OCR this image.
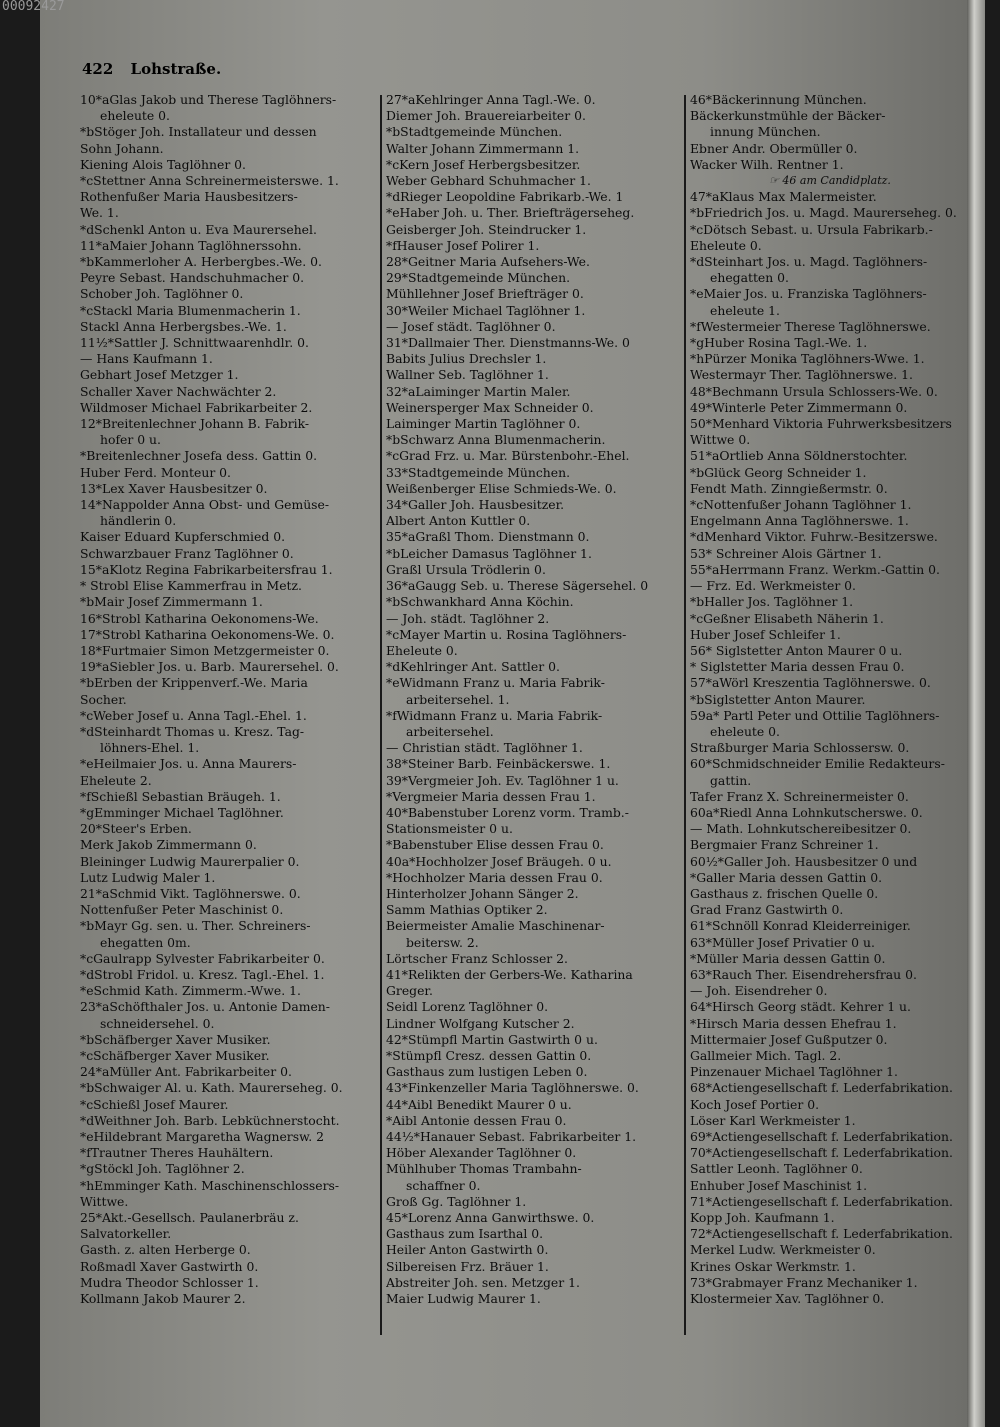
422 Lohstraße.
10*aGlas Jakob und Therese Taglöhners-
eheleute 0.
*bStöger Joh. Installateur und dessen
Sohn Johann.
Kiening Alois Taglöhner 0.
*cStettner Anna Schreinermeisterswe. 1.
Rothenfußer Maria Hausbesitzers-
We. 1.
*dSchenkl Anton u. Eva Maurersehel.
11*aMaier Johann Taglöhnerssohn.
*bKammerloher A. Herbergbes.-We. 0.
Peyre Sebast. Handschuhmacher 0.
Schober Joh. Taglöhner 0.
*cStackl Maria Blumenmacherin 1.
Stackl Anna Herbergsbes.-We. 1.
11½*Sattler J. Schnittwaarenhdlr. 0.
— Hans Kaufmann 1.
Gebhart Josef Metzger 1.
Schaller Xaver Nachwächter 2.
Wildmoser Michael Fabrikarbeiter 2.
12*Breitenlechner Johann B. Fabrik-
hofer 0 u.
*Breitenlechner Josefa dess. Gattin 0.
Huber Ferd. Monteur 0.
13*Lex Xaver Hausbesitzer 0.
14*Nappolder Anna Obst- und Gemüse-
händlerin 0.
Kaiser Eduard Kupferschmied 0.
Schwarzbauer Franz Taglöhner 0.
15*aKlotz Regina Fabrikarbeitersfrau 1.
* Strobl Elise Kammerfrau in Metz.
*bMair Josef Zimmermann 1.
16*Strobl Katharina Oekonomens-We.
17*Strobl Katharina Oekonomens-We. 0.
18*Furtmaier Simon Metzgermeister 0.
19*aSiebler Jos. u. Barb. Maurersehel. 0.
*bErben der Krippenverf.-We. Maria
Socher.
*cWeber Josef u. Anna Tagl.-Ehel. 1.
*dSteinhardt Thomas u. Kresz. Tag-
löhners-Ehel. 1.
*eHeilmaier Jos. u. Anna Maurers-
Eheleute 2.
*fSchießl Sebastian Bräugeh. 1.
*gEmminger Michael Taglöhner.
20*Steer's Erben.
Merk Jakob Zimmermann 0.
Bleininger Ludwig Maurerpalier 0.
Lutz Ludwig Maler 1.
21*aSchmid Vikt. Taglöhnerswe. 0.
Nottenfußer Peter Maschinist 0.
*bMayr Gg. sen. u. Ther. Schreiners-
ehegatten 0m.
*cGaulrapp Sylvester Fabrikarbeiter 0.
*dStrobl Fridol. u. Kresz. Tagl.-Ehel. 1.
*eSchmid Kath. Zimmerm.-Wwe. 1.
23*aSchöfthaler Jos. u. Antonie Damen-
schneidersehel. 0.
*bSchäfberger Xaver Musiker.
*cSchäfberger Xaver Musiker.
24*aMüller Ant. Fabrikarbeiter 0.
*bSchwaiger Al. u. Kath. Maurerseheg. 0.
*cSchießl Josef Maurer.
*dWeithner Joh. Barb. Lebküchnerstocht.
*eHildebrant Margaretha Wagnersw. 2
*fTrautner Theres Hauhältern.
*gStöckl Joh. Taglöhner 2.
*hEmminger Kath. Maschinenschlossers-
Wittwe.
25*Akt.-Gesellsch. Paulanerbräu z.
Salvatorkeller.
Gasth. z. alten Herberge 0.
Roßmadl Xaver Gastwirth 0.
Mudra Theodor Schlosser 1.
Kollmann Jakob Maurer 2.
27*aKehlringer Anna Tagl.-We. 0.
Diemer Joh. Brauereiarbeiter 0.
*bStadtgemeinde München.
Walter Johann Zimmermann 1.
*cKern Josef Herbergsbesitzer.
Weber Gebhard Schuhmacher 1.
*dRieger Leopoldine Fabrikarb.-We. 1
*eHaber Joh. u. Ther. Briefträgerseheg.
Geisberger Joh. Steindrucker 1.
*fHauser Josef Polirer 1.
28*Geitner Maria Aufsehers-We.
29*Stadtgemeinde München.
Mühllehner Josef Briefträger 0.
30*Weiler Michael Taglöhner 1.
— Josef städt. Taglöhner 0.
31*Dallmaier Ther. Dienstmanns-We. 0
Babits Julius Drechsler 1.
Wallner Seb. Taglöhner 1.
32*aLaiminger Martin Maler.
Weinersperger Max Schneider 0.
Laiminger Martin Taglöhner 0.
*bSchwarz Anna Blumenmacherin.
*cGrad Frz. u. Mar. Bürstenbohr.-Ehel.
33*Stadtgemeinde München.
Weißenberger Elise Schmieds-We. 0.
34*Galler Joh. Hausbesitzer.
Albert Anton Kuttler 0.
35*aGraßl Thom. Dienstmann 0.
*bLeicher Damasus Taglöhner 1.
Graßl Ursula Trödlerin 0.
36*aGaugg Seb. u. Therese Sägersehel. 0
*bSchwankhard Anna Köchin.
— Joh. städt. Taglöhner 2.
*cMayer Martin u. Rosina Taglöhners-
Eheleute 0.
*dKehlringer Ant. Sattler 0.
*eWidmann Franz u. Maria Fabrik-
arbeitersehel. 1.
*fWidmann Franz u. Maria Fabrik-
arbeitersehel.
— Christian städt. Taglöhner 1.
38*Steiner Barb. Feinbäckerswe. 1.
39*Vergmeier Joh. Ev. Taglöhner 1 u.
*Vergmeier Maria dessen Frau 1.
40*Babenstuber Lorenz vorm. Tramb.-
Stationsmeister 0 u.
*Babenstuber Elise dessen Frau 0.
40a*Hochholzer Josef Bräugeh. 0 u.
*Hochholzer Maria dessen Frau 0.
Hinterholzer Johann Sänger 2.
Samm Mathias Optiker 2.
Beiermeister Amalie Maschinenar-
beitersw. 2.
Lörtscher Franz Schlosser 2.
41*Relikten der Gerbers-We. Katharina
Greger.
Seidl Lorenz Taglöhner 0.
Lindner Wolfgang Kutscher 2.
42*Stümpfl Martin Gastwirth 0 u.
*Stümpfl Cresz. dessen Gattin 0.
Gasthaus zum lustigen Leben 0.
43*Finkenzeller Maria Taglöhnerswe. 0.
44*Aibl Benedikt Maurer 0 u.
*Aibl Antonie dessen Frau 0.
44½*Hanauer Sebast. Fabrikarbeiter 1.
Höber Alexander Taglöhner 0.
Mühlhuber Thomas Trambahn-
schaffner 0.
Groß Gg. Taglöhner 1.
45*Lorenz Anna Ganwirthswe. 0.
Gasthaus zum Isarthal 0.
Heiler Anton Gastwirth 0.
Silbereisen Frz. Bräuer 1.
Abstreiter Joh. sen. Metzger 1.
Maier Ludwig Maurer 1.
46*Bäckerinnung München.
Bäckerkunstmühle der Bäcker-
innung München.
Ebner Andr. Obermüller 0.
Wacker Wilh. Rentner 1.
☞ 46 am Candidplatz.
47*aKlaus Max Malermeister.
*bFriedrich Jos. u. Magd. Maurerseheg. 0.
*cDötsch Sebast. u. Ursula Fabrikarb.-
Eheleute 0.
*dSteinhart Jos. u. Magd. Taglöhners-
ehegatten 0.
*eMaier Jos. u. Franziska Taglöhners-
eheleute 1.
*fWestermeier Therese Taglöhnerswe.
*gHuber Rosina Tagl.-We. 1.
*hPürzer Monika Taglöhners-Wwe. 1.
Westermayr Ther. Taglöhnerswe. 1.
48*Bechmann Ursula Schlossers-We. 0.
49*Winterle Peter Zimmermann 0.
50*Menhard Viktoria Fuhrwerksbesitzers
Wittwe 0.
51*aOrtlieb Anna Söldnerstochter.
*bGlück Georg Schneider 1.
Fendt Math. Zinngießermstr. 0.
*cNottenfußer Johann Taglöhner 1.
Engelmann Anna Taglöhnerswe. 1.
*dMenhard Viktor. Fuhrw.-Besitzerswe.
53* Schreiner Alois Gärtner 1.
55*aHerrmann Franz. Werkm.-Gattin 0.
— Frz. Ed. Werkmeister 0.
*bHaller Jos. Taglöhner 1.
*cGeßner Elisabeth Näherin 1.
Huber Josef Schleifer 1.
56* Siglstetter Anton Maurer 0 u.
* Siglstetter Maria dessen Frau 0.
57*aWörl Kreszentia Taglöhnerswe. 0.
*bSiglstetter Anton Maurer.
59a* Partl Peter und Ottilie Taglöhners-
eheleute 0.
Straßburger Maria Schlossersw. 0.
60*Schmidschneider Emilie Redakteurs-
gattin.
Tafer Franz X. Schreinermeister 0.
60a*Riedl Anna Lohnkutscherswe. 0.
— Math. Lohnkutschereibesitzer 0.
Bergmaier Franz Schreiner 1.
60½*Galler Joh. Hausbesitzer 0 und
*Galler Maria dessen Gattin 0.
Gasthaus z. frischen Quelle 0.
Grad Franz Gastwirth 0.
61*Schnöll Konrad Kleiderreiniger.
63*Müller Josef Privatier 0 u.
*Müller Maria dessen Gattin 0.
63*Rauch Ther. Eisendrehersfrau 0.
— Joh. Eisendreher 0.
64*Hirsch Georg städt. Kehrer 1 u.
*Hirsch Maria dessen Ehefrau 1.
Mittermaier Josef Gußputzer 0.
Gallmeier Mich. Tagl. 2.
Pinzenauer Michael Taglöhner 1.
68*Actiengesellschaft f. Lederfabrikation.
Koch Josef Portier 0.
Löser Karl Werkmeister 1.
69*Actiengesellschaft f. Lederfabrikation.
70*Actiengesellschaft f. Lederfabrikation.
Sattler Leonh. Taglöhner 0.
Enhuber Josef Maschinist 1.
71*Actiengesellschaft f. Lederfabrikation.
Kopp Joh. Kaufmann 1.
72*Actiengesellschaft f. Lederfabrikation.
Merkel Ludw. Werkmeister 0.
Krines Oskar Werkmstr. 1.
73*Grabmayer Franz Mechaniker 1.
Klostermeier Xav. Taglöhner 0.
00092427
